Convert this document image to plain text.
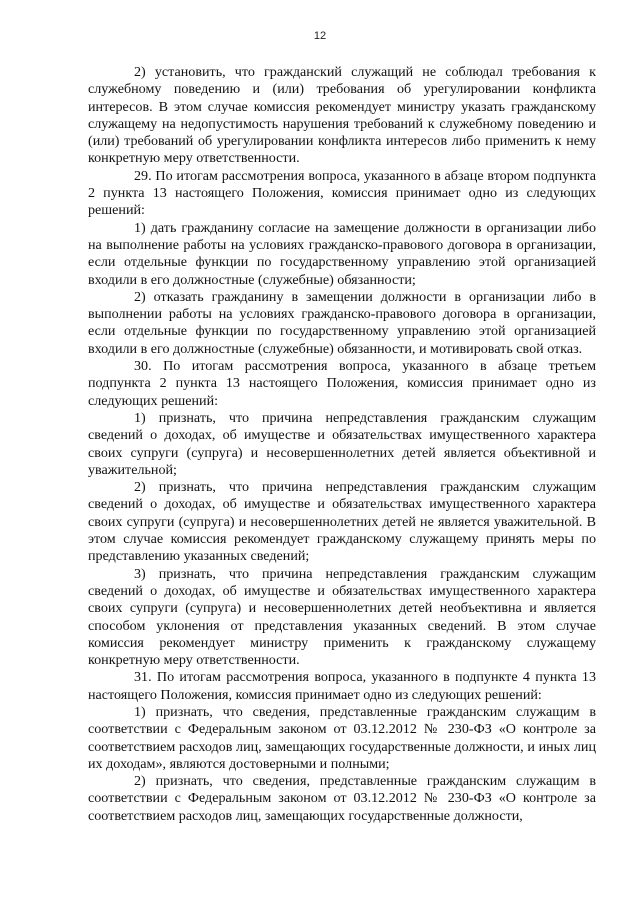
12

2) установить, что гражданский служащий не соблюдал требования к служебному поведению и (или) требования об урегулировании конфликта интересов. В этом случае комиссия рекомендует министру указать гражданскому служащему на недопустимость нарушения требований к служебному поведению и (или) требований об урегулировании конфликта интересов либо применить к нему конкретную меру ответственности.

29. По итогам рассмотрения вопроса, указанного в абзаце втором подпункта 2 пункта 13 настоящего Положения, комиссия принимает одно из следующих решений:

1) дать гражданину согласие на замещение должности в организации либо на выполнение работы на условиях гражданско-правового договора в организации, если отдельные функции по государственному управлению этой организацией входили в его должностные (служебные) обязанности;

2) отказать гражданину в замещении должности в организации либо в выполнении работы на условиях гражданско-правового договора в организации, если отдельные функции по государственному управлению этой организацией входили в его должностные (служебные) обязанности, и мотивировать свой отказ.

30. По итогам рассмотрения вопроса, указанного в абзаце третьем подпункта 2 пункта 13 настоящего Положения, комиссия принимает одно из следующих решений:

1) признать, что причина непредставления гражданским служащим сведений о доходах, об имуществе и обязательствах имущественного характера своих супруги (супруга) и несовершеннолетних детей является объективной и уважительной;

2) признать, что причина непредставления гражданским служащим сведений о доходах, об имуществе и обязательствах имущественного характера своих супруги (супруга) и несовершеннолетних детей не является уважительной. В этом случае комиссия рекомендует гражданскому служащему принять меры по представлению указанных сведений;

3) признать, что причина непредставления гражданским служащим сведений о доходах, об имуществе и обязательствах имущественного характера своих супруги (супруга) и несовершеннолетних детей необъективна и является способом уклонения от представления указанных сведений. В этом случае комиссия рекомендует министру применить к гражданскому служащему конкретную меру ответственности.

31. По итогам рассмотрения вопроса, указанного в подпункте 4 пункта 13 настоящего Положения, комиссия принимает одно из следующих решений:

1) признать, что сведения, представленные гражданским служащим в соответствии с Федеральным законом от 03.12.2012 № 230-ФЗ «О контроле за соответствием расходов лиц, замещающих государственные должности, и иных лиц их доходам», являются достоверными и полными;

2) признать, что сведения, представленные гражданским служащим в соответствии с Федеральным законом от 03.12.2012 № 230-ФЗ «О контроле за соответствием расходов лиц, замещающих государственные должности,
